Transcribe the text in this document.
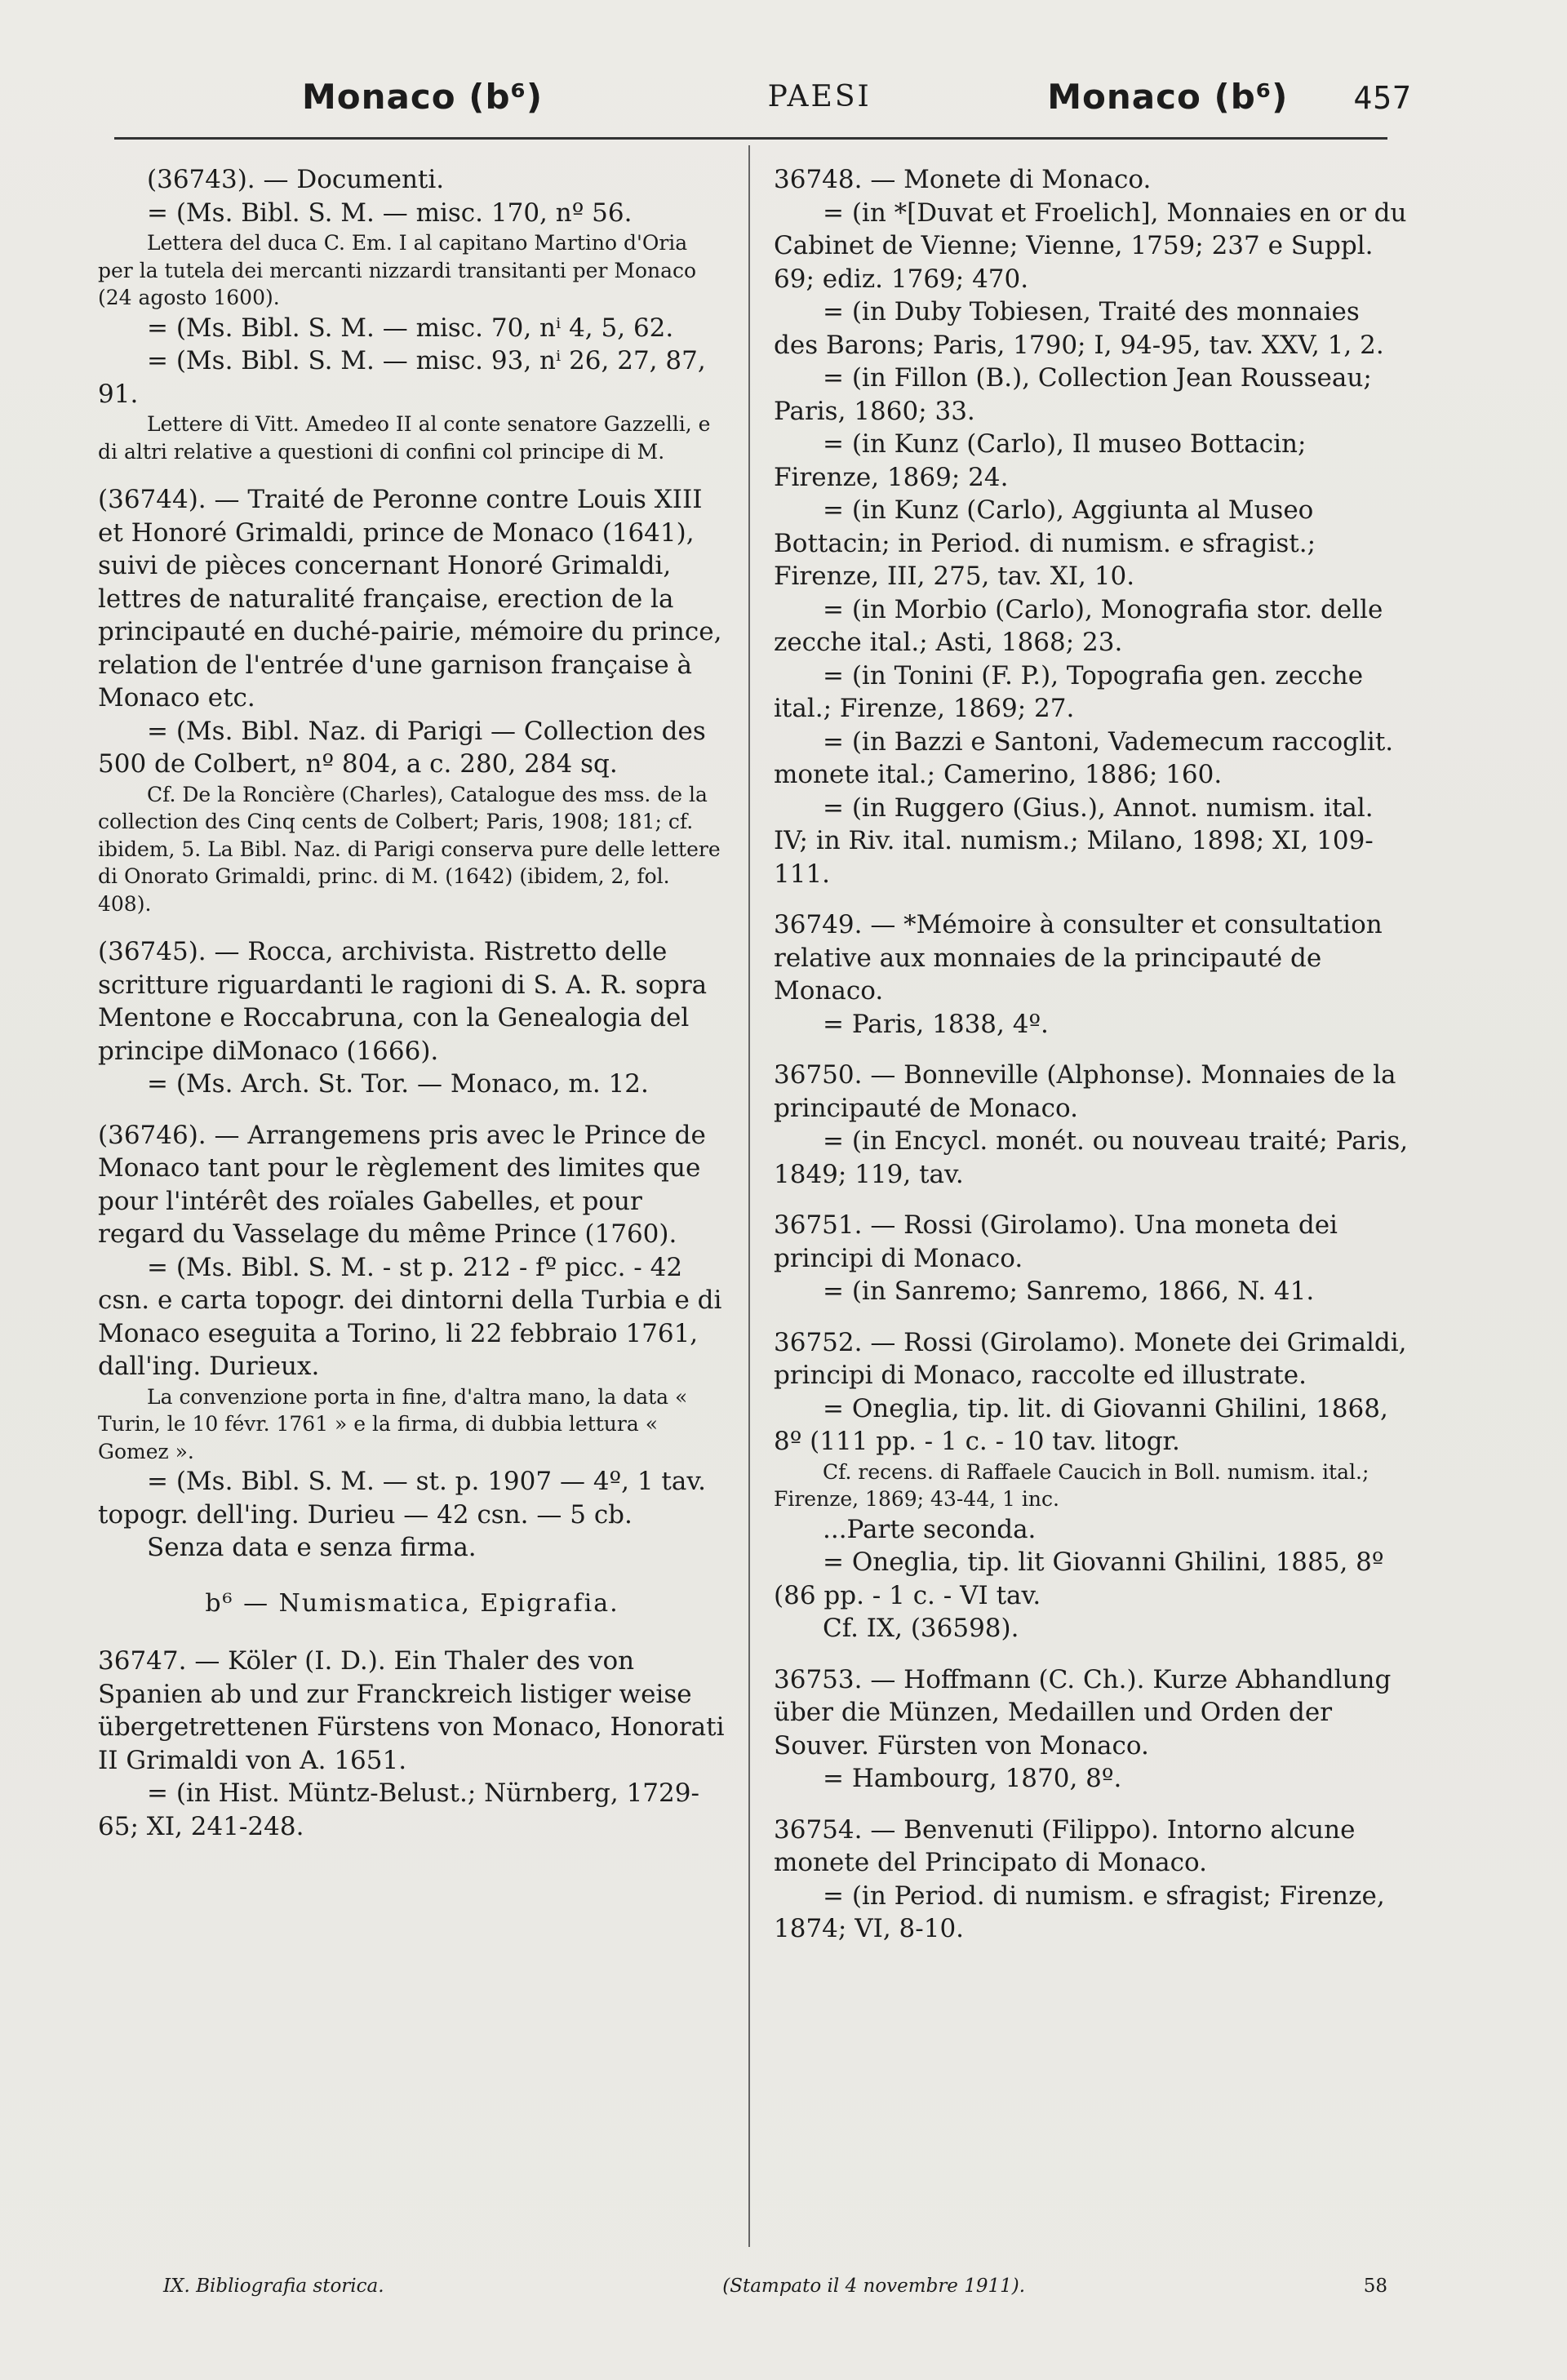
Monaco (b⁶)	PAESI	Monaco (b⁶) 457

(36743). — Documenti.

= (Ms. Bibl. S. M. — misc. 170, nº 56.

Lettera del duca C. Em. I al capitano Martino d'Oria per la tutela dei mercanti nizzardi transitanti per Monaco (24 agosto 1600).

= (Ms. Bibl. S. M. — misc. 70, nⁱ 4, 5, 62.

= (Ms. Bibl. S. M. — misc. 93, nⁱ 26, 27, 87, 91.

Lettere di Vitt. Amedeo II al conte senatore Gazzelli, e di altri relative a questioni di confini col principe di M.

(36744). — Traité de Peronne contre Louis XIII et Honoré Grimaldi, prince de Monaco (1641), suivi de pièces concernant Honoré Grimaldi, lettres de naturalité française, erection de la principauté en duché-pairie, mémoire du prince, relation de l'entrée d'une garnison française à Monaco etc.

= (Ms. Bibl. Naz. di Parigi — Collection des 500 de Colbert, nº 804, a c. 280, 284 sq.

Cf. De la Roncière (Charles), Catalogue des mss. de la collection des Cinq cents de Colbert; Paris, 1908; 181; cf. ibidem, 5. La Bibl. Naz. di Parigi conserva pure delle lettere di Onorato Grimaldi, princ. di M. (1642) (ibidem, 2, fol. 408).

(36745). — Rocca, archivista. Ristretto delle scritture riguardanti le ragioni di S. A. R. sopra Mentone e Roccabruna, con la Genealogia del principe diMonaco (1666).

= (Ms. Arch. St. Tor. — Monaco, m. 12.

(36746). — Arrangemens pris avec le Prince de Monaco tant pour le règlement des limites que pour l'intérêt des roïales Gabelles, et pour regard du Vasselage du même Prince (1760).

= (Ms. Bibl. S. M. - st p. 212 - fº picc. - 42 csn. e carta topogr. dei dintorni della Turbia e di Monaco eseguita a Torino, li 22 febbraio 1761, dall'ing. Durieux.

La convenzione porta in fine, d'altra mano, la data « Turin, le 10 févr. 1761 » e la firma, di dubbia lettura « Gomez ».

= (Ms. Bibl. S. M. — st. p. 1907 — 4º, 1 tav. topogr. dell'ing. Durieu — 42 csn. — 5 cb.

Senza data e senza firma.

b⁶ — Numismatica, Epigrafia.

36747. — Köler (I. D.). Ein Thaler des von Spanien ab und zur Franckreich listiger weise übergetrettenen Fürstens von Monaco, Honorati II Grimaldi von A. 1651.

= (in Hist. Müntz-Belust.; Nürnberg, 1729-65; XI, 241-248.

36748. — Monete di Monaco.

= (in *[Duvat et Froelich], Monnaies en or du Cabinet de Vienne; Vienne, 1759; 237 e Suppl. 69; ediz. 1769; 470.

= (in Duby Tobiesen, Traité des monnaies des Barons; Paris, 1790; I, 94-95, tav. XXV, 1, 2.

= (in Fillon (B.), Collection Jean Rousseau; Paris, 1860; 33.

= (in Kunz (Carlo), Il museo Bottacin; Firenze, 1869; 24.

= (in Kunz (Carlo), Aggiunta al Museo Bottacin; in Period. di numism. e sfragist.; Firenze, III, 275, tav. XI, 10.

= (in Morbio (Carlo), Monografia stor. delle zecche ital.; Asti, 1868; 23.

= (in Tonini (F. P.), Topografia gen. zecche ital.; Firenze, 1869; 27.

= (in Bazzi e Santoni, Vademecum raccoglit. monete ital.; Camerino, 1886; 160.

= (in Ruggero (Gius.), Annot. numism. ital. IV; in Riv. ital. numism.; Milano, 1898; XI, 109-111.

36749. — *Mémoire à consulter et consultation relative aux monnaies de la principauté de Monaco.

= Paris, 1838, 4º.

36750. — Bonneville (Alphonse). Monnaies de la principauté de Monaco.

= (in Encycl. monét. ou nouveau traité; Paris, 1849; 119, tav.

36751. — Rossi (Girolamo). Una moneta dei principi di Monaco.

= (in Sanremo; Sanremo, 1866, N. 41.

36752. — Rossi (Girolamo). Monete dei Grimaldi, principi di Monaco, raccolte ed illustrate.

= Oneglia, tip. lit. di Giovanni Ghilini, 1868, 8º (111 pp. - 1 c. - 10 tav. litogr.

Cf. recens. di Raffaele Caucich in Boll. numism. ital.; Firenze, 1869; 43-44, 1 inc.

...Parte seconda.

= Oneglia, tip. lit Giovanni Ghilini, 1885, 8º (86 pp. - 1 c. - VI tav.

Cf. IX, (36598).

36753. — Hoffmann (C. Ch.). Kurze Abhandlung über die Münzen, Medaillen und Orden der Souver. Fürsten von Monaco.

= Hambourg, 1870, 8º.

36754. — Benvenuti (Filippo). Intorno alcune monete del Principato di Monaco.

= (in Period. di numism. e sfragist; Firenze, 1874; VI, 8-10.

IX. Bibliografia storica.	(Stampato il 4 novembre 1911).	58
